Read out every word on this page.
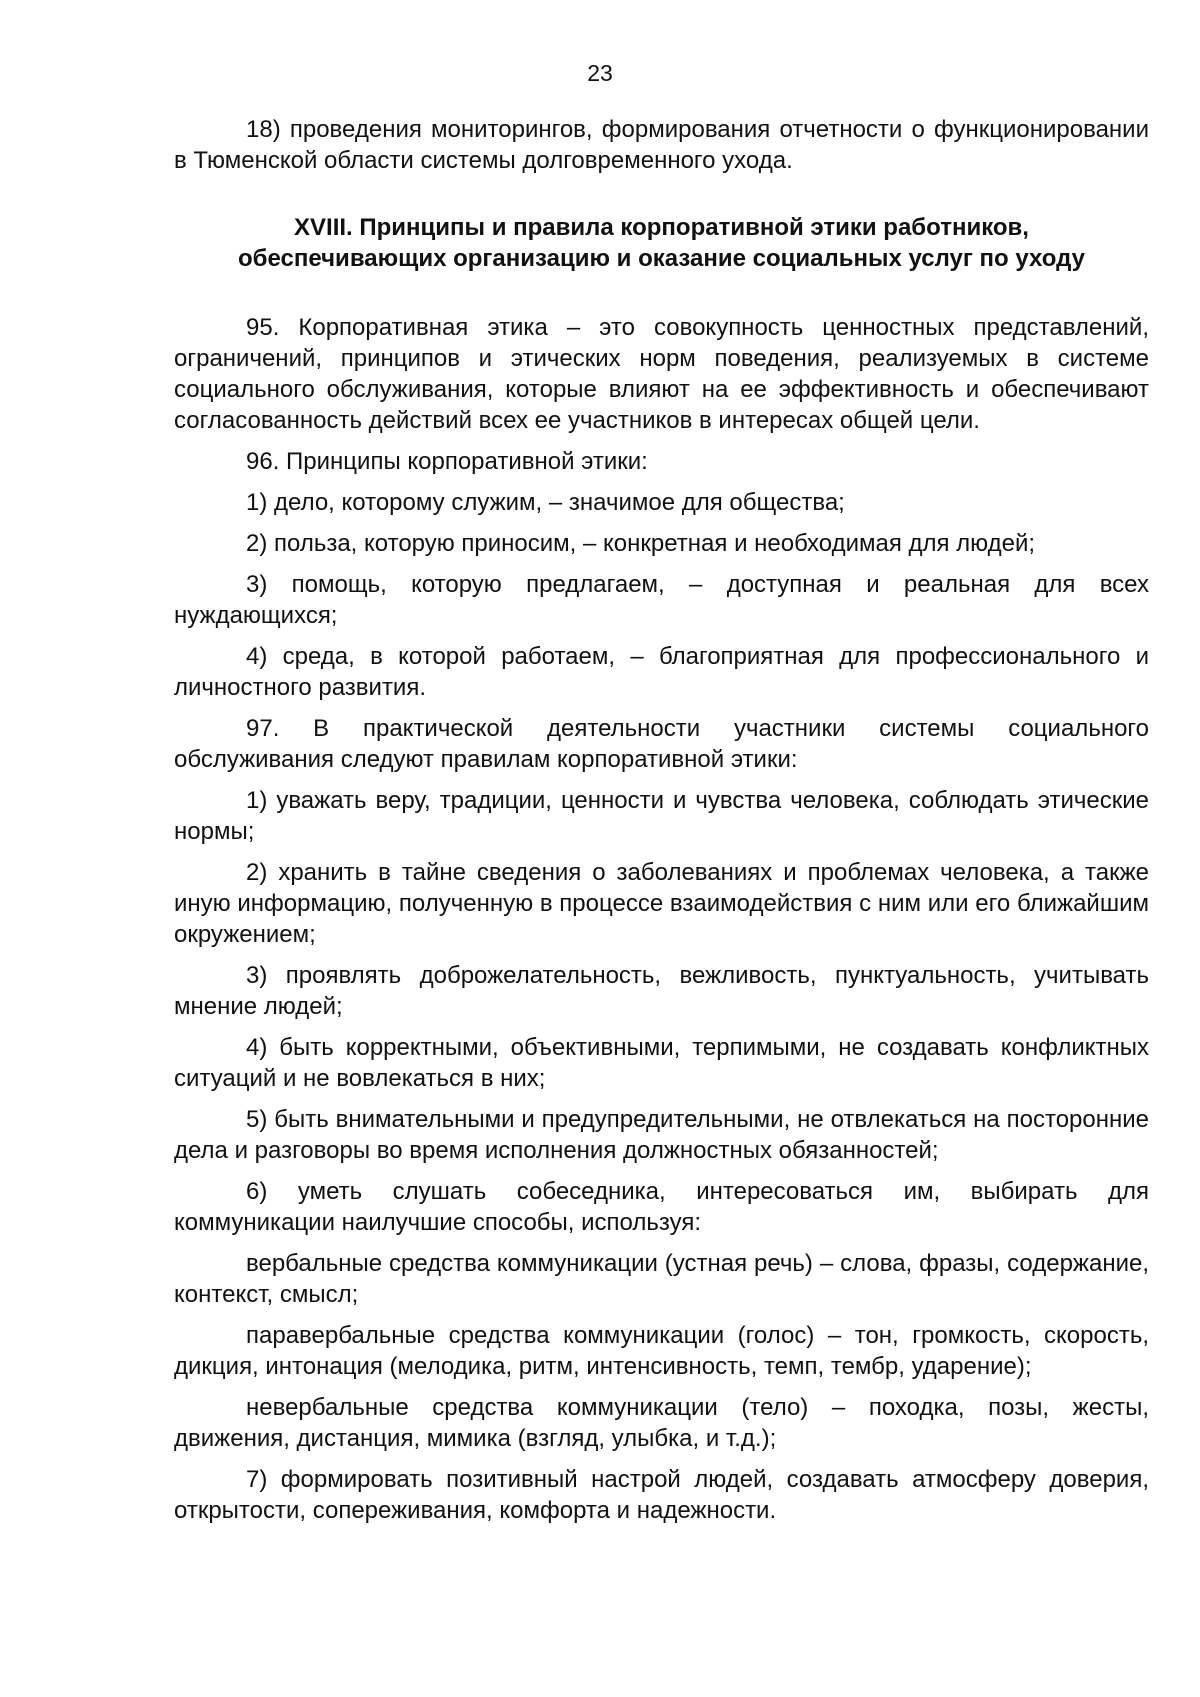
23

18) проведения мониторингов, формирования отчетности о функционировании в Тюменской области системы долговременного ухода.

XVIII. Принципы и правила корпоративной этики работников,
обеспечивающих организацию и оказание социальных услуг по уходу

95. Корпоративная этика – это совокупность ценностных представлений, ограничений, принципов и этических норм поведения, реализуемых в системе социального обслуживания, которые влияют на ее эффективность и обеспечивают согласованность действий всех ее участников в интересах общей цели.

96. Принципы корпоративной этики:

1) дело, которому служим, – значимое для общества;

2) польза, которую приносим, – конкретная и необходимая для людей;

3) помощь, которую предлагаем, – доступная и реальная для всех нуждающихся;

4) среда, в которой работаем, – благоприятная для профессионального и личностного развития.

97. В практической деятельности участники системы социального обслуживания следуют правилам корпоративной этики:

1) уважать веру, традиции, ценности и чувства человека, соблюдать этические нормы;

2) хранить в тайне сведения о заболеваниях и проблемах человека, а также иную информацию, полученную в процессе взаимодействия с ним или его ближайшим окружением;

3) проявлять доброжелательность, вежливость, пунктуальность, учитывать мнение людей;

4) быть корректными, объективными, терпимыми, не создавать конфликтных ситуаций и не вовлекаться в них;

5) быть внимательными и предупредительными, не отвлекаться на посторонние дела и разговоры во время исполнения должностных обязанностей;

6) уметь слушать собеседника, интересоваться им, выбирать для коммуникации наилучшие способы, используя:

вербальные средства коммуникации (устная речь) – слова, фразы, содержание, контекст, смысл;

паравербальные средства коммуникации (голос) – тон, громкость, скорость, дикция, интонация (мелодика, ритм, интенсивность, темп, тембр, ударение);

невербальные средства коммуникации (тело) – походка, позы, жесты, движения, дистанция, мимика (взгляд, улыбка, и т.д.);

7) формировать позитивный настрой людей, создавать атмосферу доверия, открытости, сопереживания, комфорта и надежности.
